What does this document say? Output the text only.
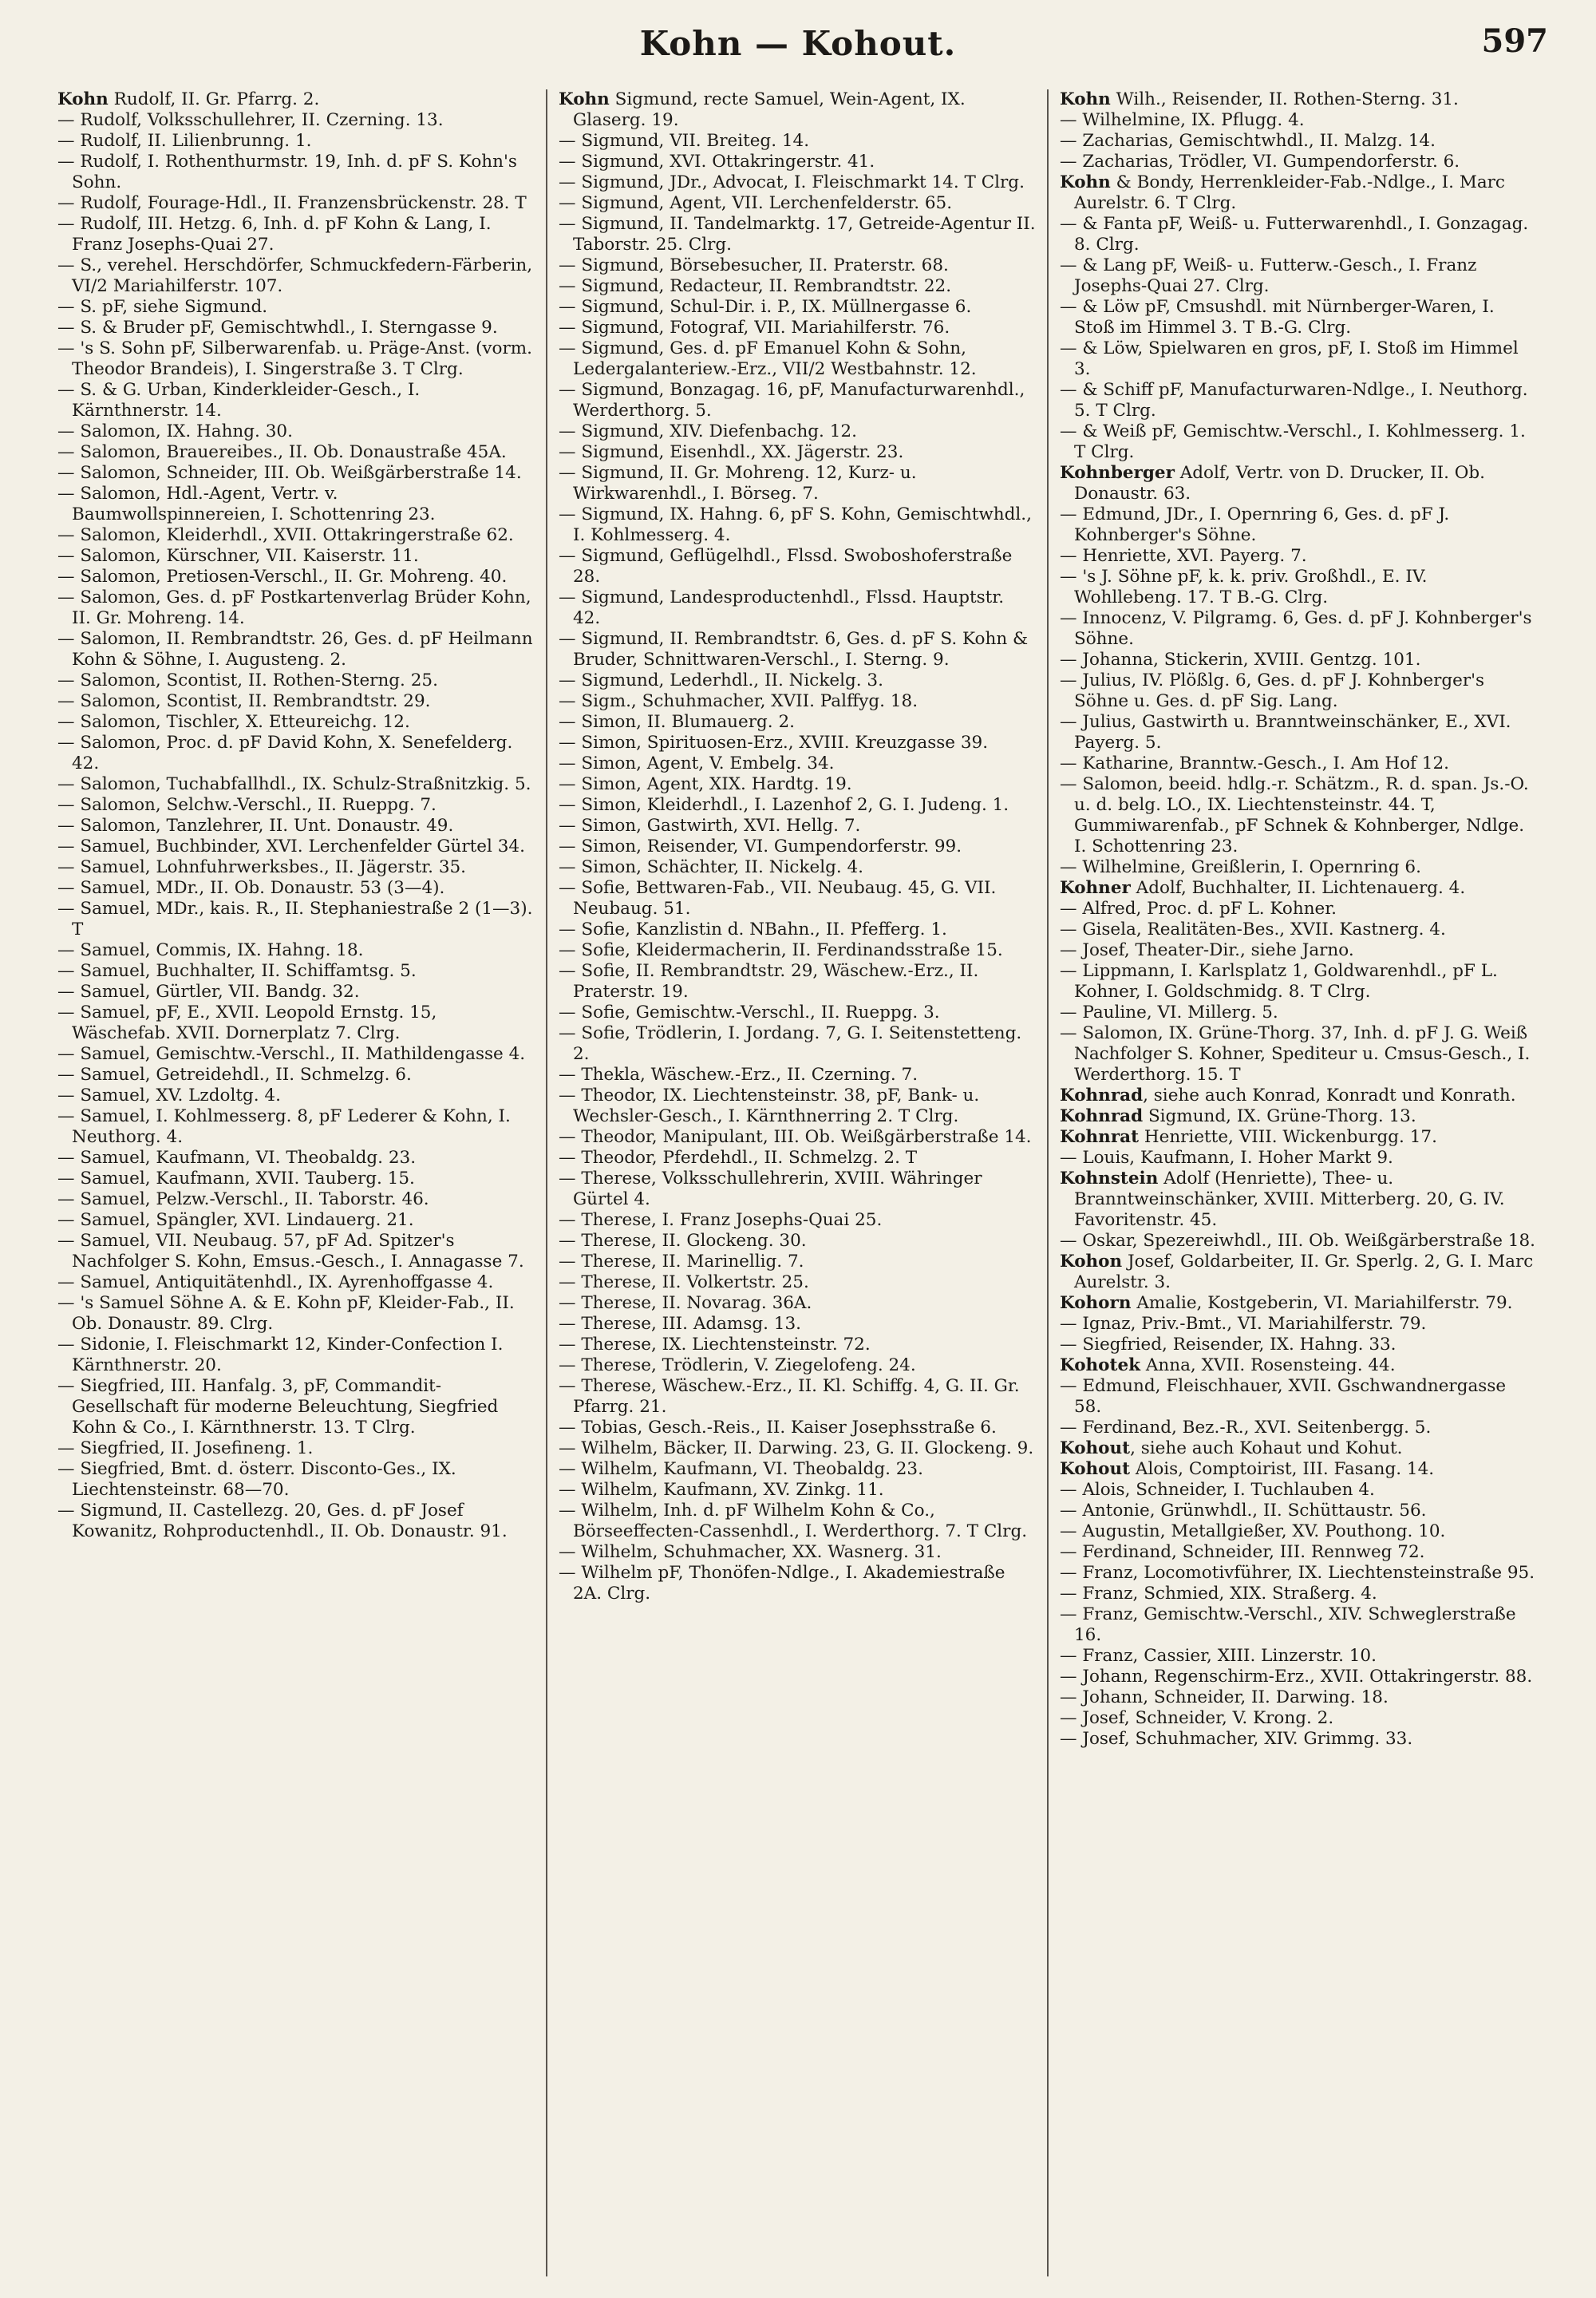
Kohn — Kohout.	597
Kohn Rudolf, II. Gr. Pfarrg. 2.
— Rudolf, Volksschullehrer, II. Czerning. 13.
— Rudolf, II. Lilienbrunng. 1.
— Rudolf, I. Rothenthurmstr. 19, Inh. d. pF S. Kohn's Sohn.
— Rudolf, Fourage-Hdl., II. Franzensbrückenstr. 28. T
— Rudolf, III. Hetzg. 6, Inh. d. pF Kohn & Lang, I. Franz Josephs-Quai 27.
— S., verehel. Herschdörfer, Schmuckfedern-Färberin, VI/2 Mariahilferstr. 107.
— S. pF, siehe Sigmund.
— S. & Bruder pF, Gemischtwhdl., I. Sterngasse 9.
— 's S. Sohn pF, Silberwarenfab. u. Präge-Anst. (vorm. Theodor Brandeis), I. Singerstraße 3. T Clrg.
— S. & G. Urban, Kinderkleider-Gesch., I. Kärnthnerstr. 14.
— Salomon, IX. Hahng. 30.
— Salomon, Brauereibes., II. Ob. Donaustraße 45A.
— Salomon, Schneider, III. Ob. Weißgärberstraße 14.
— Salomon, Hdl.-Agent, Vertr. v. Baumwollspinnereien, I. Schottenring 23.
— Salomon, Kleiderhdl., XVII. Ottakringerstraße 62.
— Salomon, Kürschner, VII. Kaiserstr. 11.
— Salomon, Pretiosen-Verschl., II. Gr. Mohreng. 40.
— Salomon, Ges. d. pF Postkartenverlag Brüder Kohn, II. Gr. Mohreng. 14.
— Salomon, II. Rembrandtstr. 26, Ges. d. pF Heilmann Kohn & Söhne, I. Augusteng. 2.
— Salomon, Scontist, II. Rothen-Sterng. 25.
— Salomon, Scontist, II. Rembrandtstr. 29.
— Salomon, Tischler, X. Etteureichg. 12.
— Salomon, Proc. d. pF David Kohn, X. Senefelderg. 42.
— Salomon, Tuchabfallhdl., IX. Schulz-Straßnitzkig. 5.
— Salomon, Selchw.-Verschl., II. Rueppg. 7.
— Salomon, Tanzlehrer, II. Unt. Donaustr. 49.
— Samuel, Buchbinder, XVI. Lerchenfelder Gürtel 34.
— Samuel, Lohnfuhrwerksbes., II. Jägerstr. 35.
— Samuel, MDr., II. Ob. Donaustr. 53 (3—4).
— Samuel, MDr., kais. R., II. Stephaniestraße 2 (1—3). T
— Samuel, Commis, IX. Hahng. 18.
— Samuel, Buchhalter, II. Schiffamtsg. 5.
— Samuel, Gürtler, VII. Bandg. 32.
— Samuel, pF, E., XVII. Leopold Ernstg. 15, Wäschefab. XVII. Dornerplatz 7. Clrg.
— Samuel, Gemischtw.-Verschl., II. Mathildengasse 4.
— Samuel, Getreidehdl., II. Schmelzg. 6.
— Samuel, XV. Lzdoltg. 4.
— Samuel, I. Kohlmesserg. 8, pF Lederer & Kohn, I. Neuthorg. 4.
— Samuel, Kaufmann, VI. Theobaldg. 23.
— Samuel, Kaufmann, XVII. Tauberg. 15.
— Samuel, Pelzw.-Verschl., II. Taborstr. 46.
— Samuel, Spängler, XVI. Lindauerg. 21.
— Samuel, VII. Neubaug. 57, pF Ad. Spitzer's Nachfolger S. Kohn, Emsus.-Gesch., I. Annagasse 7.
— Samuel, Antiquitätenhdl., IX. Ayrenhoffgasse 4.
— 's Samuel Söhne A. & E. Kohn pF, Kleider-Fab., II. Ob. Donaustr. 89. Clrg.
— Sidonie, I. Fleischmarkt 12, Kinder-Confection I. Kärnthnerstr. 20.
— Siegfried, III. Hanfalg. 3, pF, Commandit-Gesellschaft für moderne Beleuchtung, Siegfried Kohn & Co., I. Kärnthnerstr. 13. T Clrg.
— Siegfried, II. Josefineng. 1.
— Siegfried, Bmt. d. österr. Disconto-Ges., IX. Liechtensteinstr. 68—70.
— Sigmund, II. Castellezg. 20, Ges. d. pF Josef Kowanitz, Rohproductenhdl., II. Ob. Donaustr. 91.
Kohn Sigmund, recte Samuel, Wein-Agent, IX. Glaserg. 19.
— Sigmund, VII. Breiteg. 14.
— Sigmund, XVI. Ottakringerstr. 41.
— Sigmund, JDr., Advocat, I. Fleischmarkt 14. T Clrg.
— Sigmund, Agent, VII. Lerchenfelderstr. 65.
— Sigmund, II. Tandelmarktg. 17, Getreide-Agentur II. Taborstr. 25. Clrg.
— Sigmund, Börsebesucher, II. Praterstr. 68.
— Sigmund, Redacteur, II. Rembrandtstr. 22.
— Sigmund, Schul-Dir. i. P., IX. Müllnergasse 6.
— Sigmund, Fotograf, VII. Mariahilferstr. 76.
— Sigmund, Ges. d. pF Emanuel Kohn & Sohn, Ledergalanteriew.-Erz., VII/2 Westbahnstr. 12.
— Sigmund, Bonzagag. 16, pF, Manufacturwarenhdl., Werderthorg. 5.
— Sigmund, XIV. Diefenbachg. 12.
— Sigmund, Eisenhdl., XX. Jägerstr. 23.
— Sigmund, II. Gr. Mohreng. 12, Kurz- u. Wirkwarenhdl., I. Börseg. 7.
— Sigmund, IX. Hahng. 6, pF S. Kohn, Gemischtwhdl., I. Kohlmesserg. 4.
— Sigmund, Geflügelhdl., Flssd. Swoboshoferstraße 28.
— Sigmund, Landesproductenhdl., Flssd. Hauptstr. 42.
— Sigmund, II. Rembrandtstr. 6, Ges. d. pF S. Kohn & Bruder, Schnittwaren-Verschl., I. Sterng. 9.
— Sigmund, Lederhdl., II. Nickelg. 3.
— Sigm., Schuhmacher, XVII. Palffyg. 18.
— Simon, II. Blumauerg. 2.
— Simon, Spirituosen-Erz., XVIII. Kreuzgasse 39.
— Simon, Agent, V. Embelg. 34.
— Simon, Agent, XIX. Hardtg. 19.
— Simon, Kleiderhdl., I. Lazenhof 2, G. I. Judeng. 1.
— Simon, Gastwirth, XVI. Hellg. 7.
— Simon, Reisender, VI. Gumpendorferstr. 99.
— Simon, Schächter, II. Nickelg. 4.
— Sofie, Bettwaren-Fab., VII. Neubaug. 45, G. VII. Neubaug. 51.
— Sofie, Kanzlistin d. NBahn., II. Pfefferg. 1.
— Sofie, Kleidermacherin, II. Ferdinandsstraße 15.
— Sofie, II. Rembrandtstr. 29, Wäschew.-Erz., II. Praterstr. 19.
— Sofie, Gemischtw.-Verschl., II. Rueppg. 3.
— Sofie, Trödlerin, I. Jordang. 7, G. I. Seitenstetteng. 2.
— Thekla, Wäschew.-Erz., II. Czerning. 7.
— Theodor, IX. Liechtensteinstr. 38, pF, Bank- u. Wechsler-Gesch., I. Kärnthnerring 2. T Clrg.
— Theodor, Manipulant, III. Ob. Weißgärberstraße 14.
— Theodor, Pferdehdl., II. Schmelzg. 2. T
— Therese, Volksschullehrerin, XVIII. Währinger Gürtel 4.
— Therese, I. Franz Josephs-Quai 25.
— Therese, II. Glockeng. 30.
— Therese, II. Marinellig. 7.
— Therese, II. Volkertstr. 25.
— Therese, II. Novarag. 36A.
— Therese, III. Adamsg. 13.
— Therese, IX. Liechtensteinstr. 72.
— Therese, Trödlerin, V. Ziegelofeng. 24.
— Therese, Wäschew.-Erz., II. Kl. Schiffg. 4, G. II. Gr. Pfarrg. 21.
— Tobias, Gesch.-Reis., II. Kaiser Josephsstraße 6.
— Wilhelm, Bäcker, II. Darwing. 23, G. II. Glockeng. 9.
— Wilhelm, Kaufmann, VI. Theobaldg. 23.
— Wilhelm, Kaufmann, XV. Zinkg. 11.
— Wilhelm, Inh. d. pF Wilhelm Kohn & Co., Börseeffecten-Cassenhdl., I. Werderthorg. 7. T Clrg.
— Wilhelm, Schuhmacher, XX. Wasnerg. 31.
— Wilhelm pF, Thonöfen-Ndlge., I. Akademiestraße 2A. Clrg.
Kohn Wilh., Reisender, II. Rothen-Sterng. 31.
— Wilhelmine, IX. Pflugg. 4.
— Zacharias, Gemischtwhdl., II. Malzg. 14.
— Zacharias, Trödler, VI. Gumpendorferstr. 6.
Kohn & Bondy, Herrenkleider-Fab.-Ndlge., I. Marc Aurelstr. 6. T Clrg.
— & Fanta pF, Weiß- u. Futterwarenhdl., I. Gonzagag. 8. Clrg.
— & Lang pF, Weiß- u. Futterw.-Gesch., I. Franz Josephs-Quai 27. Clrg.
— & Löw pF, Cmsushdl. mit Nürnberger-Waren, I. Stoß im Himmel 3. T B.-G. Clrg.
— & Löw, Spielwaren en gros, pF, I. Stoß im Himmel 3.
— & Schiff pF, Manufacturwaren-Ndlge., I. Neuthorg. 5. T Clrg.
— & Weiß pF, Gemischtw.-Verschl., I. Kohlmesserg. 1. T Clrg.
Kohnberger Adolf, Vertr. von D. Drucker, II. Ob. Donaustr. 63.
— Edmund, JDr., I. Opernring 6, Ges. d. pF J. Kohnberger's Söhne.
— Henriette, XVI. Payerg. 7.
— 's J. Söhne pF, k. k. priv. Großhdl., E. IV. Wohllebeng. 17. T B.-G. Clrg.
— Innocenz, V. Pilgramg. 6, Ges. d. pF J. Kohnberger's Söhne.
— Johanna, Stickerin, XVIII. Gentzg. 101.
— Julius, IV. Plößlg. 6, Ges. d. pF J. Kohnberger's Söhne u. Ges. d. pF Sig. Lang.
— Julius, Gastwirth u. Branntweinschänker, E., XVI. Payerg. 5.
— Katharine, Branntw.-Gesch., I. Am Hof 12.
— Salomon, beeid. hdlg.-r. Schätzm., R. d. span. Js.-O. u. d. belg. LO., IX. Liechtensteinstr. 44. T, Gummiwarenfab., pF Schnek & Kohnberger, Ndlge. I. Schottenring 23.
— Wilhelmine, Greißlerin, I. Opernring 6.
Kohner Adolf, Buchhalter, II. Lichtenauerg. 4.
— Alfred, Proc. d. pF L. Kohner.
— Gisela, Realitäten-Bes., XVII. Kastnerg. 4.
— Josef, Theater-Dir., siehe Jarno.
— Lippmann, I. Karlsplatz 1, Goldwarenhdl., pF L. Kohner, I. Goldschmidg. 8. T Clrg.
— Pauline, VI. Millerg. 5.
— Salomon, IX. Grüne-Thorg. 37, Inh. d. pF J. G. Weiß Nachfolger S. Kohner, Spediteur u. Cmsus-Gesch., I. Werderthorg. 15. T
Kohnrad, siehe auch Konrad, Konradt und Konrath.
Kohnrad Sigmund, IX. Grüne-Thorg. 13.
Kohnrat Henriette, VIII. Wickenburgg. 17.
— Louis, Kaufmann, I. Hoher Markt 9.
Kohnstein Adolf (Henriette), Thee- u. Branntweinschänker, XVIII. Mitterberg. 20, G. IV. Favoritenstr. 45.
— Oskar, Spezereiwhdl., III. Ob. Weißgärberstraße 18.
Kohon Josef, Goldarbeiter, II. Gr. Sperlg. 2, G. I. Marc Aurelstr. 3.
Kohorn Amalie, Kostgeberin, VI. Mariahilferstr. 79.
— Ignaz, Priv.-Bmt., VI. Mariahilferstr. 79.
— Siegfried, Reisender, IX. Hahng. 33.
Kohotek Anna, XVII. Rosensteing. 44.
— Edmund, Fleischhauer, XVII. Gschwandnergasse 58.
— Ferdinand, Bez.-R., XVI. Seitenbergg. 5.
Kohout, siehe auch Kohaut und Kohut.
Kohout Alois, Comptoirist, III. Fasang. 14.
— Alois, Schneider, I. Tuchlauben 4.
— Antonie, Grünwhdl., II. Schüttaustr. 56.
— Augustin, Metallgießer, XV. Pouthong. 10.
— Ferdinand, Schneider, III. Rennweg 72.
— Franz, Locomotivführer, IX. Liechtensteinstraße 95.
— Franz, Schmied, XIX. Straßerg. 4.
— Franz, Gemischtw.-Verschl., XIV. Schweglerstraße 16.
— Franz, Cassier, XIII. Linzerstr. 10.
— Johann, Regenschirm-Erz., XVII. Ottakringerstr. 88.
— Johann, Schneider, II. Darwing. 18.
— Josef, Schneider, V. Krong. 2.
— Josef, Schuhmacher, XIV. Grimmg. 33.
